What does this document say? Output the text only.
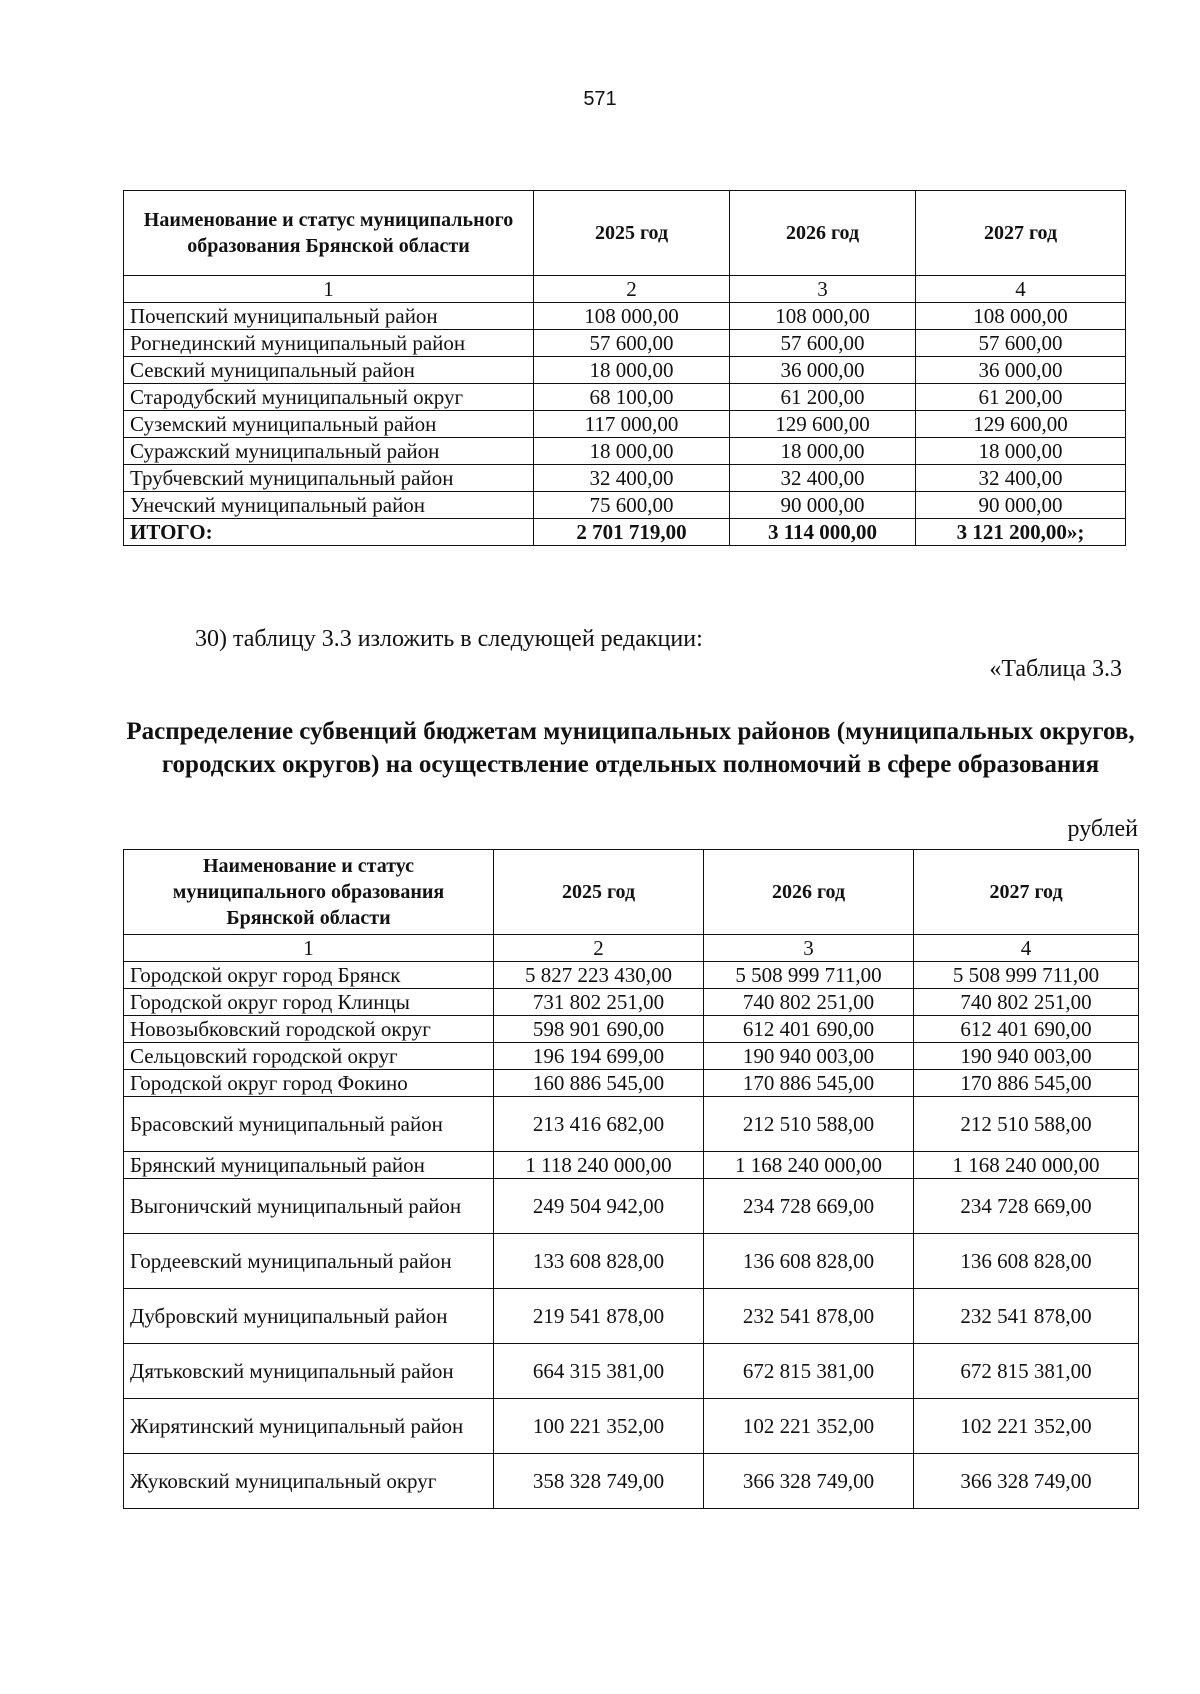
571
Наименование и статус муниципального образования Брянской области	2025 год	2026 год	2027 год
1	2	3	4
Почепский муниципальный район	108 000,00	108 000,00	108 000,00
Рогнединский муниципальный район	57 600,00	57 600,00	57 600,00
Севский муниципальный район	18 000,00	36 000,00	36 000,00
Стародубский муниципальный округ	68 100,00	61 200,00	61 200,00
Суземский муниципальный район	117 000,00	129 600,00	129 600,00
Суражский муниципальный район	18 000,00	18 000,00	18 000,00
Трубчевский муниципальный район	32 400,00	32 400,00	32 400,00
Унечский муниципальный район	75 600,00	90 000,00	90 000,00
ИТОГО:	2 701 719,00	3 114 000,00	3 121 200,00»;
30) таблицу 3.3 изложить в следующей редакции:
«Таблица 3.3
Распределение субвенций бюджетам муниципальных районов (муниципальных округов, городских округов) на осуществление отдельных полномочий в сфере образования
рублей
Наименование и статус муниципального образования Брянской области	2025 год	2026 год	2027 год
1	2	3	4
Городской округ город Брянск	5 827 223 430,00	5 508 999 711,00	5 508 999 711,00
Городской округ город Клинцы	731 802 251,00	740 802 251,00	740 802 251,00
Новозыбковский городской округ	598 901 690,00	612 401 690,00	612 401 690,00
Сельцовский городской округ	196 194 699,00	190 940 003,00	190 940 003,00
Городской округ город Фокино	160 886 545,00	170 886 545,00	170 886 545,00
Брасовский муниципальный район	213 416 682,00	212 510 588,00	212 510 588,00
Брянский муниципальный район	1 118 240 000,00	1 168 240 000,00	1 168 240 000,00
Выгоничский муниципальный район	249 504 942,00	234 728 669,00	234 728 669,00
Гордеевский муниципальный район	133 608 828,00	136 608 828,00	136 608 828,00
Дубровский муниципальный район	219 541 878,00	232 541 878,00	232 541 878,00
Дятьковский муниципальный район	664 315 381,00	672 815 381,00	672 815 381,00
Жирятинский муниципальный район	100 221 352,00	102 221 352,00	102 221 352,00
Жуковский муниципальный округ	358 328 749,00	366 328 749,00	366 328 749,00
